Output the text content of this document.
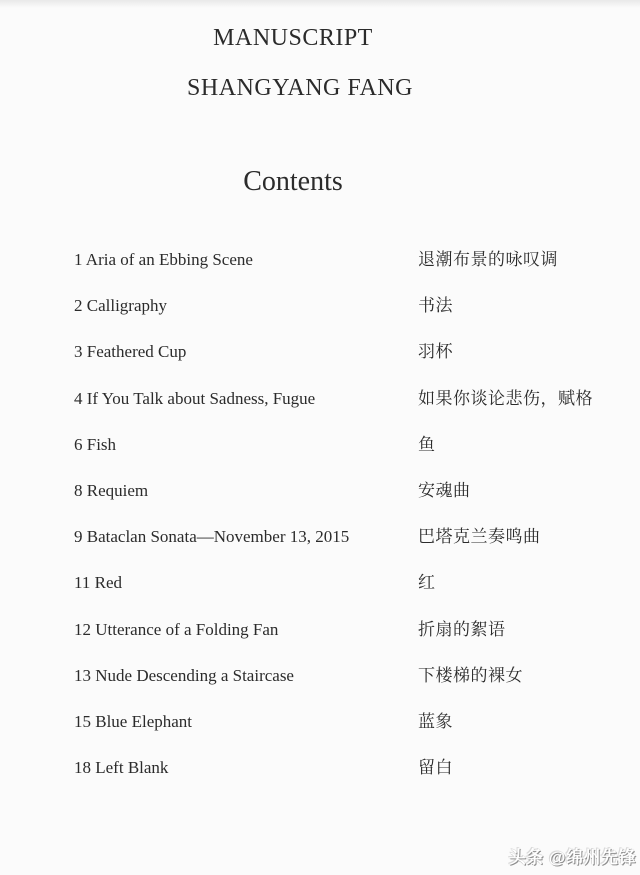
MANUSCRIPT
SHANGYANG FANG
Contents
1 Aria of an Ebbing Scene	退潮布景的咏叹调
2 Calligraphy	书法
3 Feathered Cup	羽杯
4 If You Talk about Sadness, Fugue	如果你谈论悲伤，赋格
6 Fish	鱼
8 Requiem	安魂曲
9 Bataclan Sonata—November 13, 2015	巴塔克兰奏鸣曲
11 Red	红
12 Utterance of a Folding Fan	折扇的絮语
13 Nude Descending a Staircase	下楼梯的裸女
15 Blue Elephant	蓝象
18 Left Blank	留白
头条 @绵州先锋
